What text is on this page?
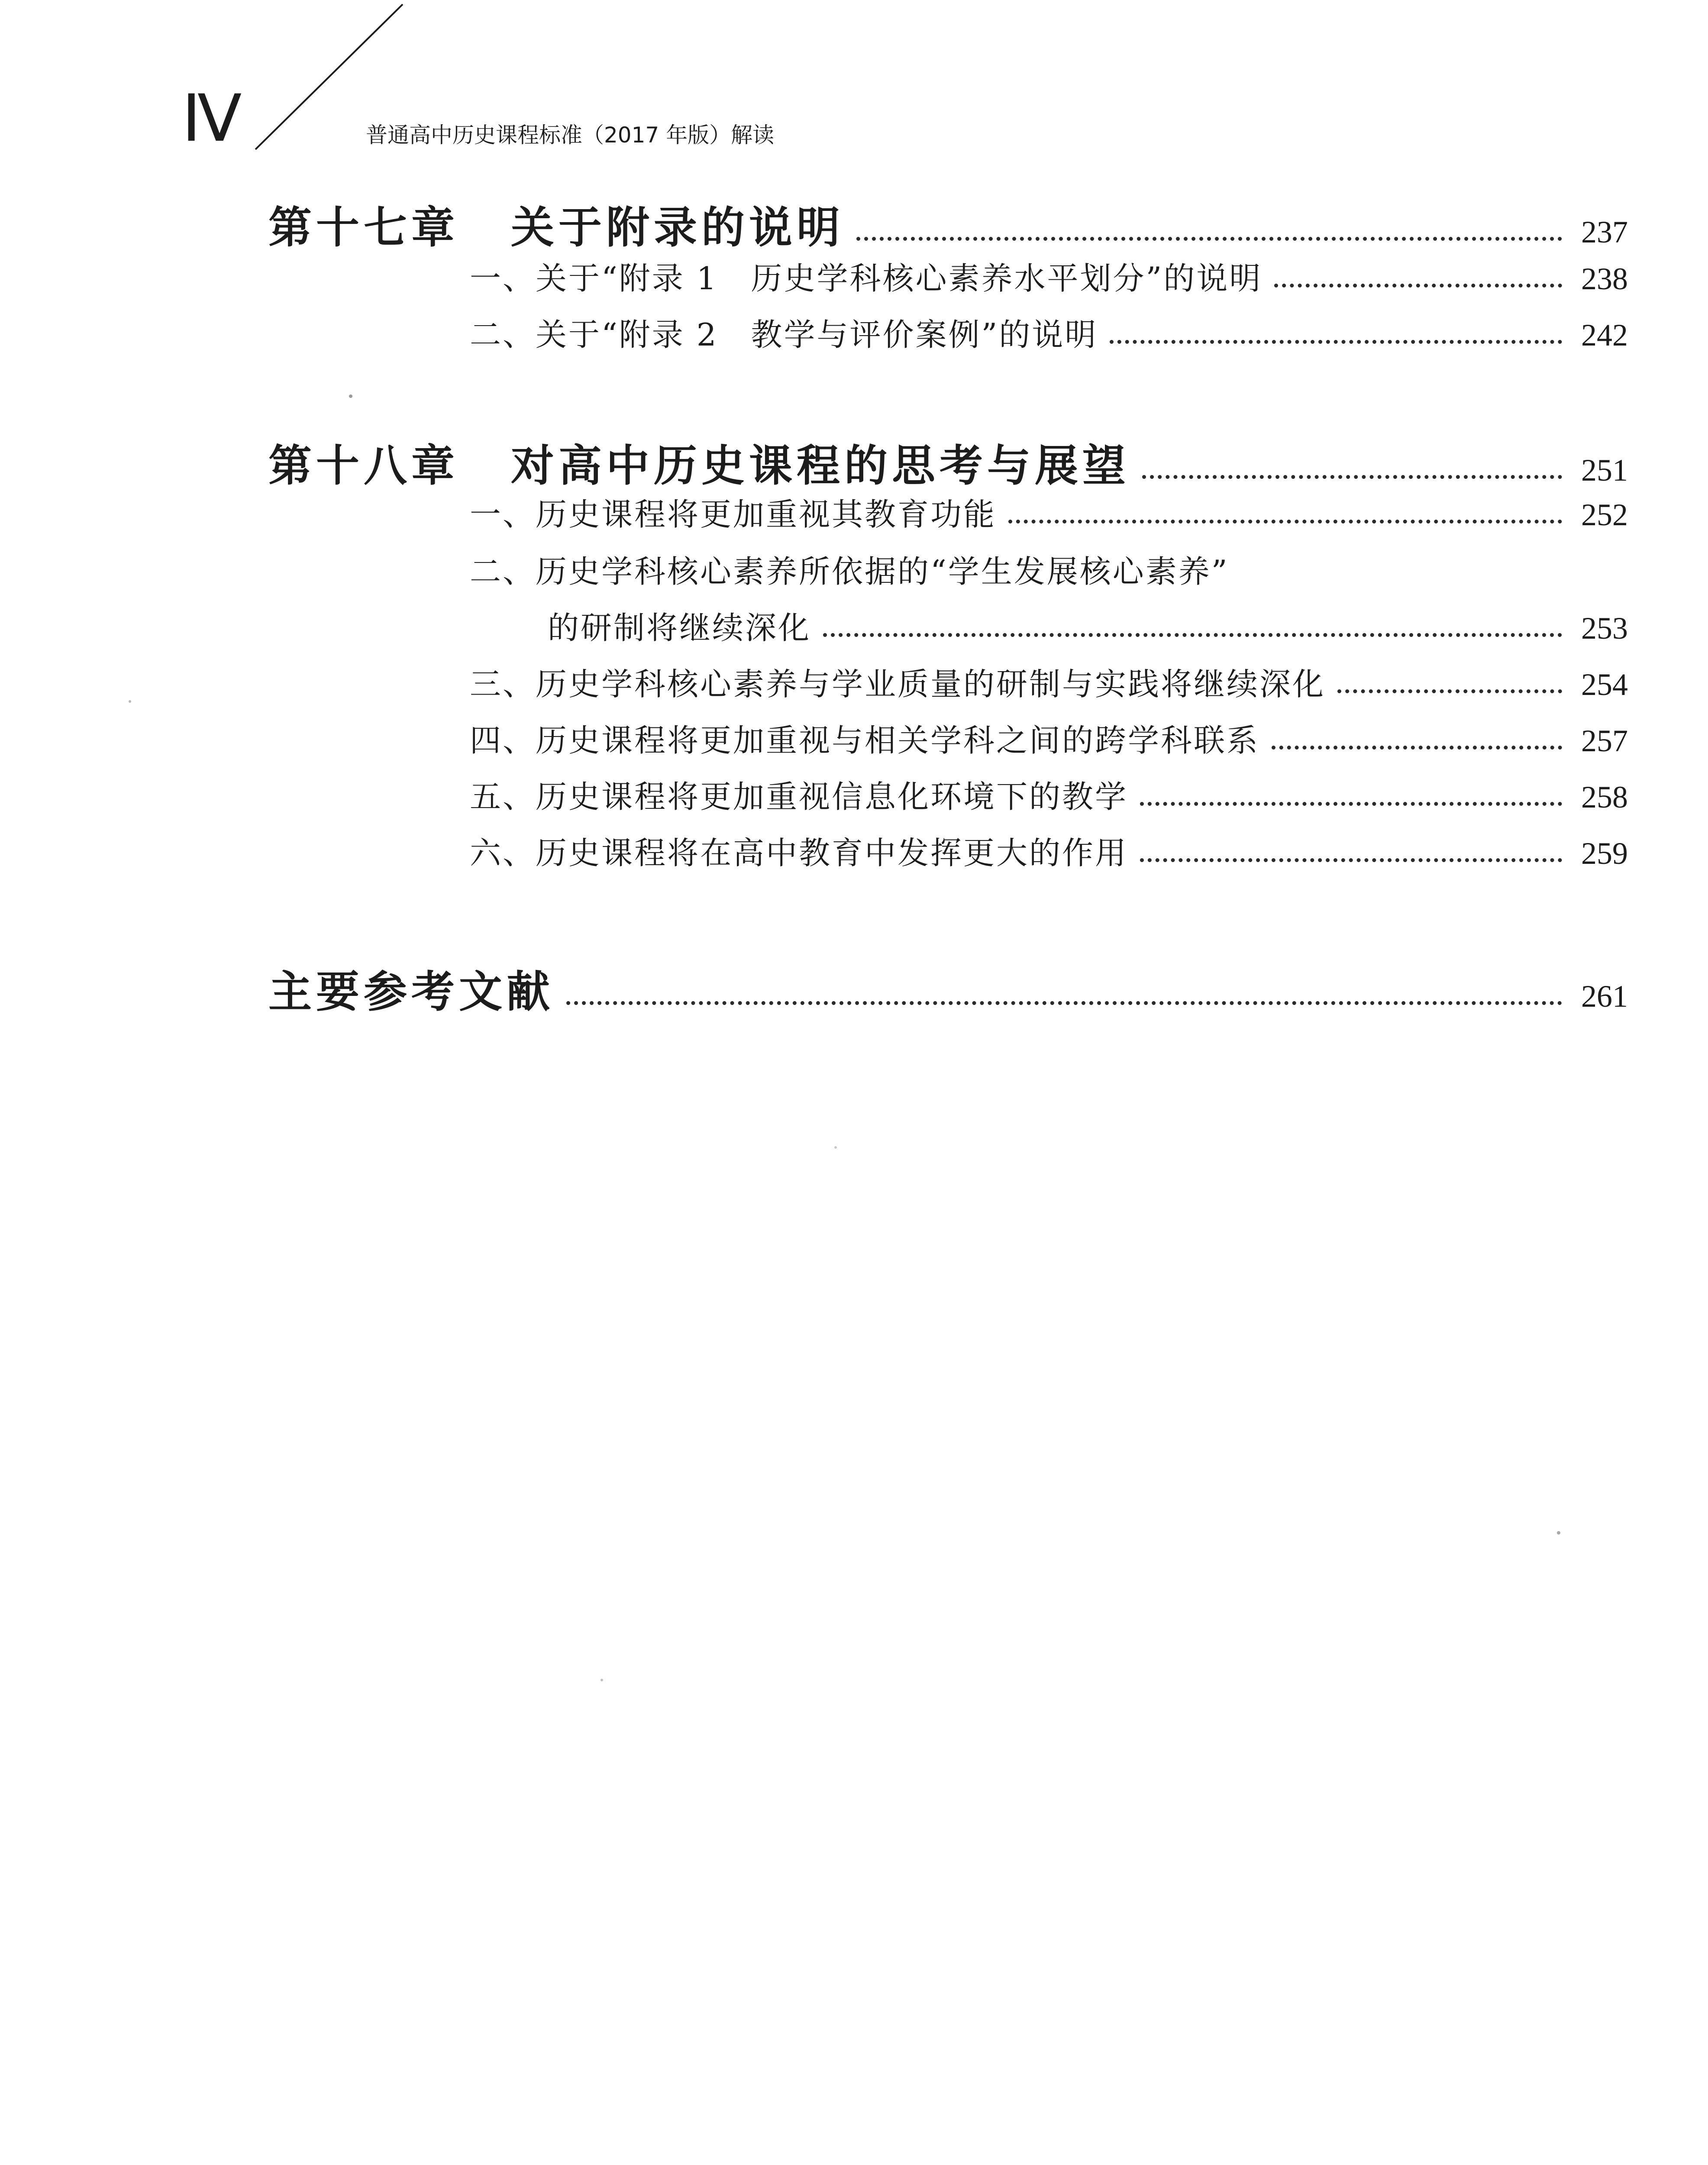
Ⅳ	普通高中历史课程标准（2017 年版）解读
第十七章 关于附录的说明	237
一、关于“附录 1　历史学科核心素养水平划分”的说明	238
二、关于“附录 2　教学与评价案例”的说明	242
第十八章 对高中历史课程的思考与展望	251
一、历史课程将更加重视其教育功能	252
二、历史学科核心素养所依据的“学生发展核心素养”
的研制将继续深化	253
三、历史学科核心素养与学业质量的研制与实践将继续深化	254
四、历史课程将更加重视与相关学科之间的跨学科联系	257
五、历史课程将更加重视信息化环境下的教学	258
六、历史课程将在高中教育中发挥更大的作用	259
主要参考文献	261
